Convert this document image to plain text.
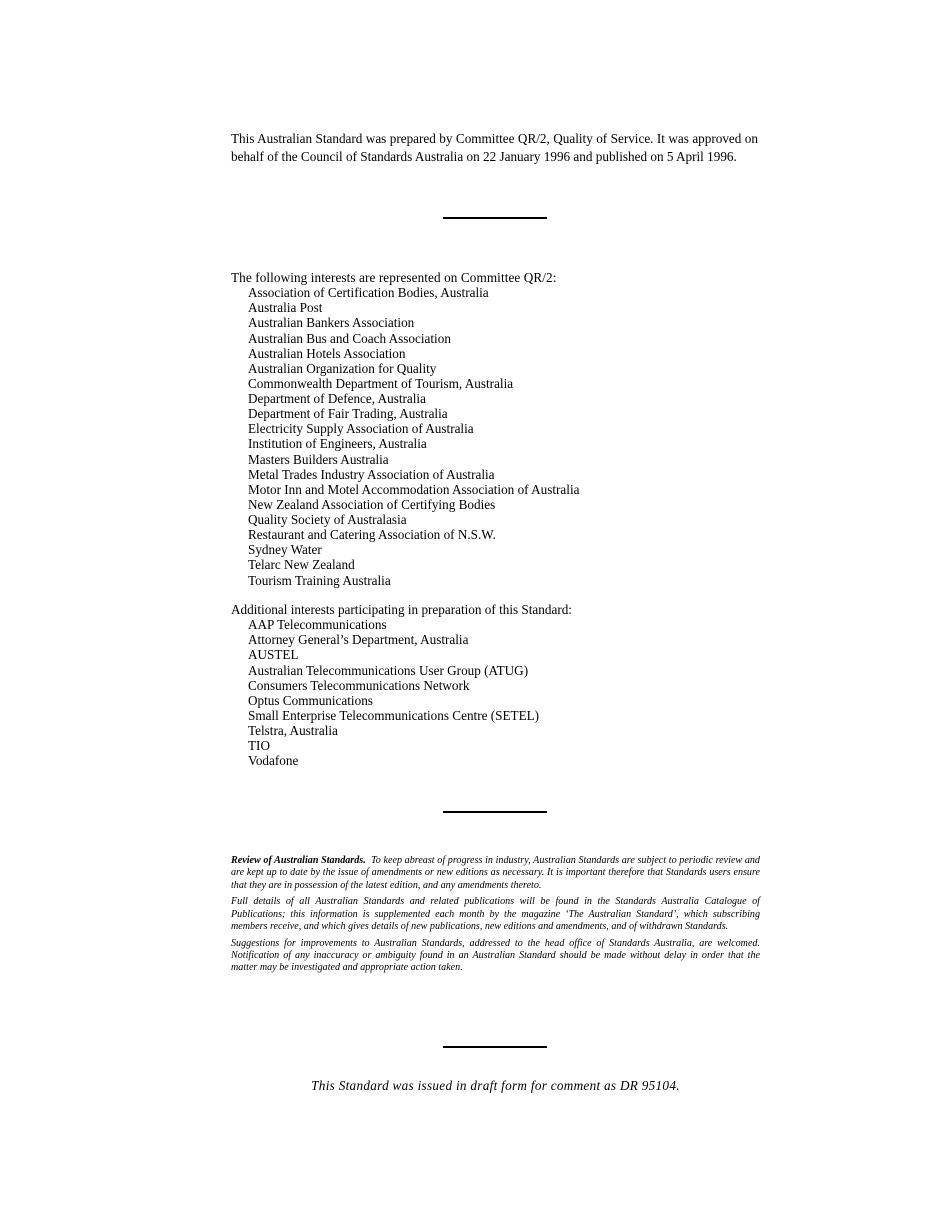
This Australian Standard was prepared by Committee QR/2, Quality of Service. It was approved on behalf of the Council of Standards Australia on 22 January 1996 and published on 5 April 1996.

The following interests are represented on Committee QR/2:

Association of Certification Bodies, Australia
Australia Post
Australian Bankers Association
Australian Bus and Coach Association
Australian Hotels Association
Australian Organization for Quality
Commonwealth Department of Tourism, Australia
Department of Defence, Australia
Department of Fair Trading, Australia
Electricity Supply Association of Australia
Institution of Engineers, Australia
Masters Builders Australia
Metal Trades Industry Association of Australia
Motor Inn and Motel Accommodation Association of Australia
New Zealand Association of Certifying Bodies
Quality Society of Australasia
Restaurant and Catering Association of N.S.W.
Sydney Water
Telarc New Zealand
Tourism Training Australia

Additional interests participating in preparation of this Standard:

AAP Telecommunications
Attorney General’s Department, Australia
AUSTEL
Australian Telecommunications User Group (ATUG)
Consumers Telecommunications Network
Optus Communications
Small Enterprise Telecommunications Centre (SETEL)
Telstra, Australia
TIO
Vodafone

Review of Australian Standards. To keep abreast of progress in industry, Australian Standards are subject to periodic review and are kept up to date by the issue of amendments or new editions as necessary. It is important therefore that Standards users ensure that they are in possession of the latest edition, and any amendments thereto.

Full details of all Australian Standards and related publications will be found in the Standards Australia Catalogue of Publications; this information is supplemented each month by the magazine ‘The Australian Standard’, which subscribing members receive, and which gives details of new publications, new editions and amendments, and of withdrawn Standards.

Suggestions for improvements to Australian Standards, addressed to the head office of Standards Australia, are welcomed. Notification of any inaccuracy or ambiguity found in an Australian Standard should be made without delay in order that the matter may be investigated and appropriate action taken.

This Standard was issued in draft form for comment as DR 95104.
